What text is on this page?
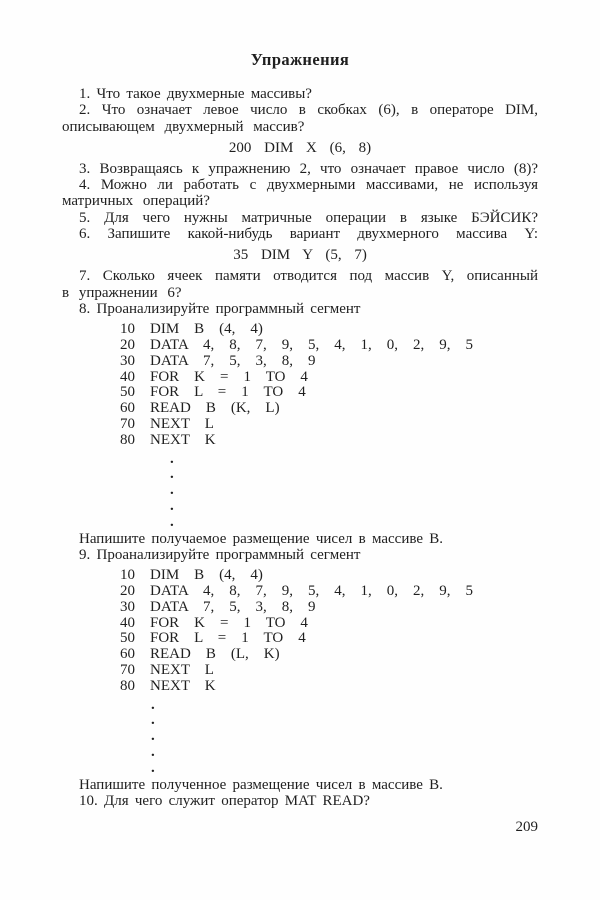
Упражнения
1. Что такое двухмерные массивы?
2. Что означает левое число в скобках (6), в операторе DIM,
описывающем двухмерный массив?
200 DIM X (6, 8)
3. Возвращаясь к упражнению 2, что означает правое число (8)?
4. Можно ли работать с двухмерными массивами, не используя
матричных операций?
5. Для чего нужны матричные операции в языке БЭЙСИК?
6. Запишите какой-нибудь вариант двухмерного массива Y:
35 DIM Y (5, 7)
7. Сколько ячеек памяти отводится под массив Y, описанный
в упражнении 6?
8. Проанализируйте программный сегмент
10 DIM B (4, 4)
20 DATA 4, 8, 7, 9, 5, 4, 1, 0, 2, 9, 5
30 DATA 7, 5, 3, 8, 9
40 FOR K = 1 TO 4
50 FOR L = 1 TO 4
60 READ B (K, L)
70 NEXT L
80 NEXT K
.
.
.
.
.
Напишите получаемое размещение чисел в массиве В.
9. Проанализируйте программный сегмент
10 DIM B (4, 4)
20 DATA 4, 8, 7, 9, 5, 4, 1, 0, 2, 9, 5
30 DATA 7, 5, 3, 8, 9
40 FOR K = 1 TO 4
50 FOR L = 1 TO 4
60 READ B (L, K)
70 NEXT L
80 NEXT K
.
.
.
.
.
Напишите полученное размещение чисел в массиве В.
10. Для чего служит оператор MAT READ?
209
